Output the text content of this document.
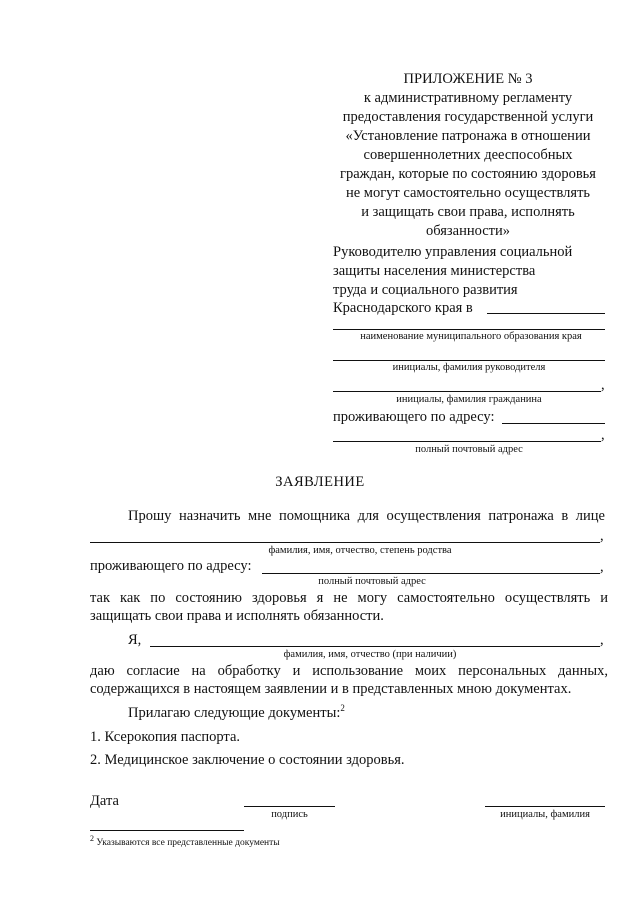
ПРИЛОЖЕНИЕ № 3
к административному регламенту
предоставления государственной услуги
«Установление патронажа в отношении
совершеннолетних дееспособных
граждан, которые по состоянию здоровья
не могут самостоятельно осуществлять
и защищать свои права, исполнять
обязанности»
Руководителю управления социальной
защиты населения министерства
труда и социального развития
Краснодарского края в
наименование муниципального образования края
инициалы, фамилия руководителя
,
инициалы, фамилия гражданина
проживающего по адресу:
,
полный почтовый адрес
ЗАЯВЛЕНИЕ
Прошу назначить мне помощника для осуществления патронажа в лице
,
фамилия, имя, отчество, степень родства
проживающего по адресу:	,
полный почтовый адрес
так как по состоянию здоровья я не могу самостоятельно осуществлять и
защищать свои права и исполнять обязанности.
Я,	,
фамилия, имя, отчество (при наличии)
даю согласие на обработку и использование моих персональных данных,
содержащихся в настоящем заявлении и в представленных мною документах.
Прилагаю следующие документы:$^2$
1. Ксерокопия паспорта.
2. Медицинское заключение о состоянии здоровья.
Дата
подпись	инициалы, фамилия
$^2$ Указываются все представленные документы
